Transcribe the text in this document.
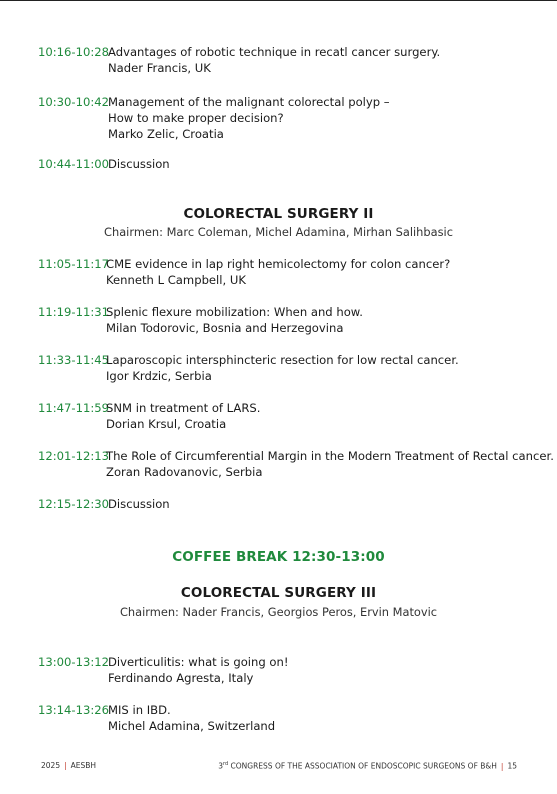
10:16-10:28
Advantages of robotic technique in recatl cancer surgery.
Nader Francis, UK
10:30-10:42
Management of the malignant colorectal polyp –
How to make proper decision?
Marko Zelic, Croatia
10:44-11:00
Discussion
COLORECTAL SURGERY II
Chairmen: Marc Coleman, Michel Adamina, Mirhan Salihbasic
11:05-11:17
CME evidence in lap right hemicolectomy for colon cancer?
Kenneth L Campbell, UK
11:19-11:31
Splenic flexure mobilization: When and how.
Milan Todorovic, Bosnia and Herzegovina
11:33-11:45
Laparoscopic intersphincteric resection for low rectal cancer.
Igor Krdzic, Serbia
11:47-11:59
SNM in treatment of LARS.
Dorian Krsul, Croatia
12:01-12:13
The Role of Circumferential Margin in the Modern Treatment of Rectal cancer.
Zoran Radovanovic, Serbia
12:15-12:30
Discussion
COFFEE BREAK 12:30-13:00
COLORECTAL SURGERY III
Chairmen: Nader Francis, Georgios Peros, Ervin Matovic
13:00-13:12
Diverticulitis: what is going on!
Ferdinando Agresta, Italy
13:14-13:26
MIS in IBD.
Michel Adamina, Switzerland
2025 | AESBH	3rd CONGRESS OF THE ASSOCIATION OF ENDOSCOPIC SURGEONS OF B&H | 15
